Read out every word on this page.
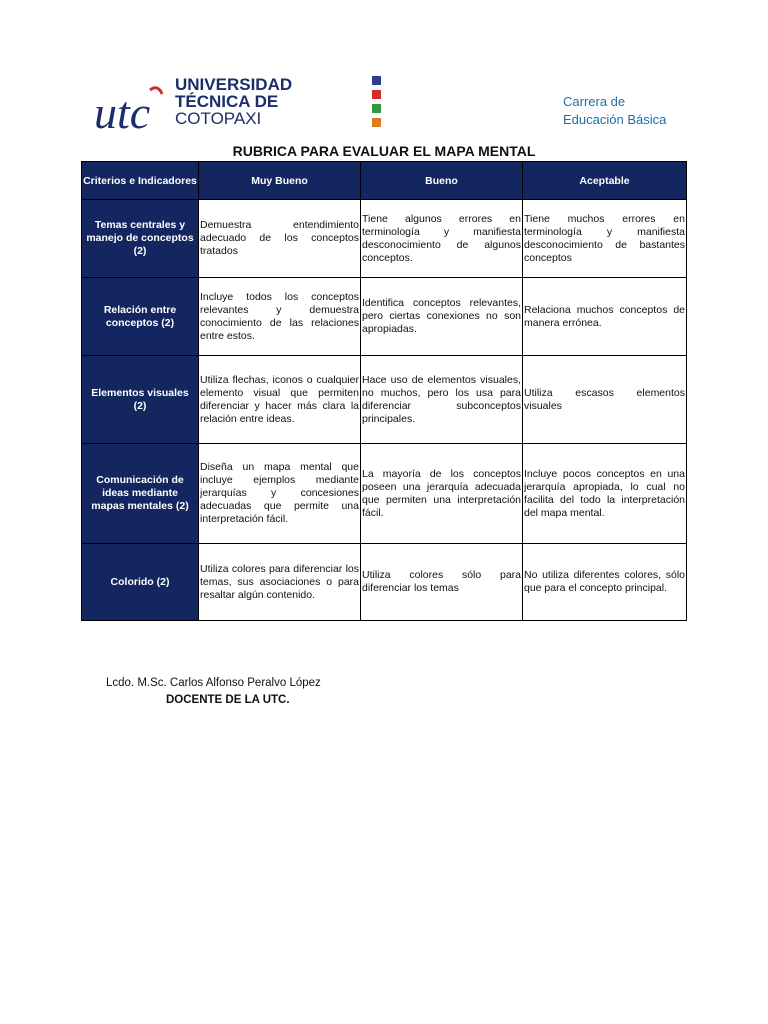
utc
UNIVERSIDAD
TÉCNICA DE
COTOPAXI
Carrera de
Educación Básica
RUBRICA PARA EVALUAR EL MAPA MENTAL
Criterios e Indicadores	Muy Bueno	Bueno	Aceptable
Temas centrales y manejo de conceptos (2)	Demuestra entendimiento adecuado de los conceptos tratados	Tiene algunos errores en terminología y manifiesta desconocimiento de algunos conceptos.	Tiene muchos errores en terminología y manifiesta desconocimiento de bastantes conceptos
Relación entre conceptos (2)	Incluye todos los conceptos relevantes y demuestra conocimiento de las relaciones entre estos.	Identifica conceptos relevantes, pero ciertas conexiones no son apropiadas.	Relaciona muchos conceptos de manera errónea.
Elementos visuales (2)	Utiliza flechas, iconos o cualquier elemento visual que permiten diferenciar y hacer más clara la relación entre ideas.	Hace uso de elementos visuales, no muchos, pero los usa para diferenciar subconceptos principales.	Utiliza escasos elementos visuales
Comunicación de ideas mediante mapas mentales (2)	Diseña un mapa mental que incluye ejemplos mediante jerarquías y concesiones adecuadas que permite una interpretación fácil.	La mayoría de los conceptos poseen una jerarquía adecuada que permiten una interpretación fácil.	Incluye pocos conceptos en una jerarquía apropiada, lo cual no facilita del todo la interpretación del mapa mental.
Colorido (2)	Utiliza colores para diferenciar los temas, sus asociaciones o para resaltar algún contenido.	Utiliza colores sólo para diferenciar los temas	No utiliza diferentes colores, sólo que para el concepto principal.
Lcdo. M.Sc. Carlos Alfonso Peralvo López
DOCENTE DE LA UTC.
